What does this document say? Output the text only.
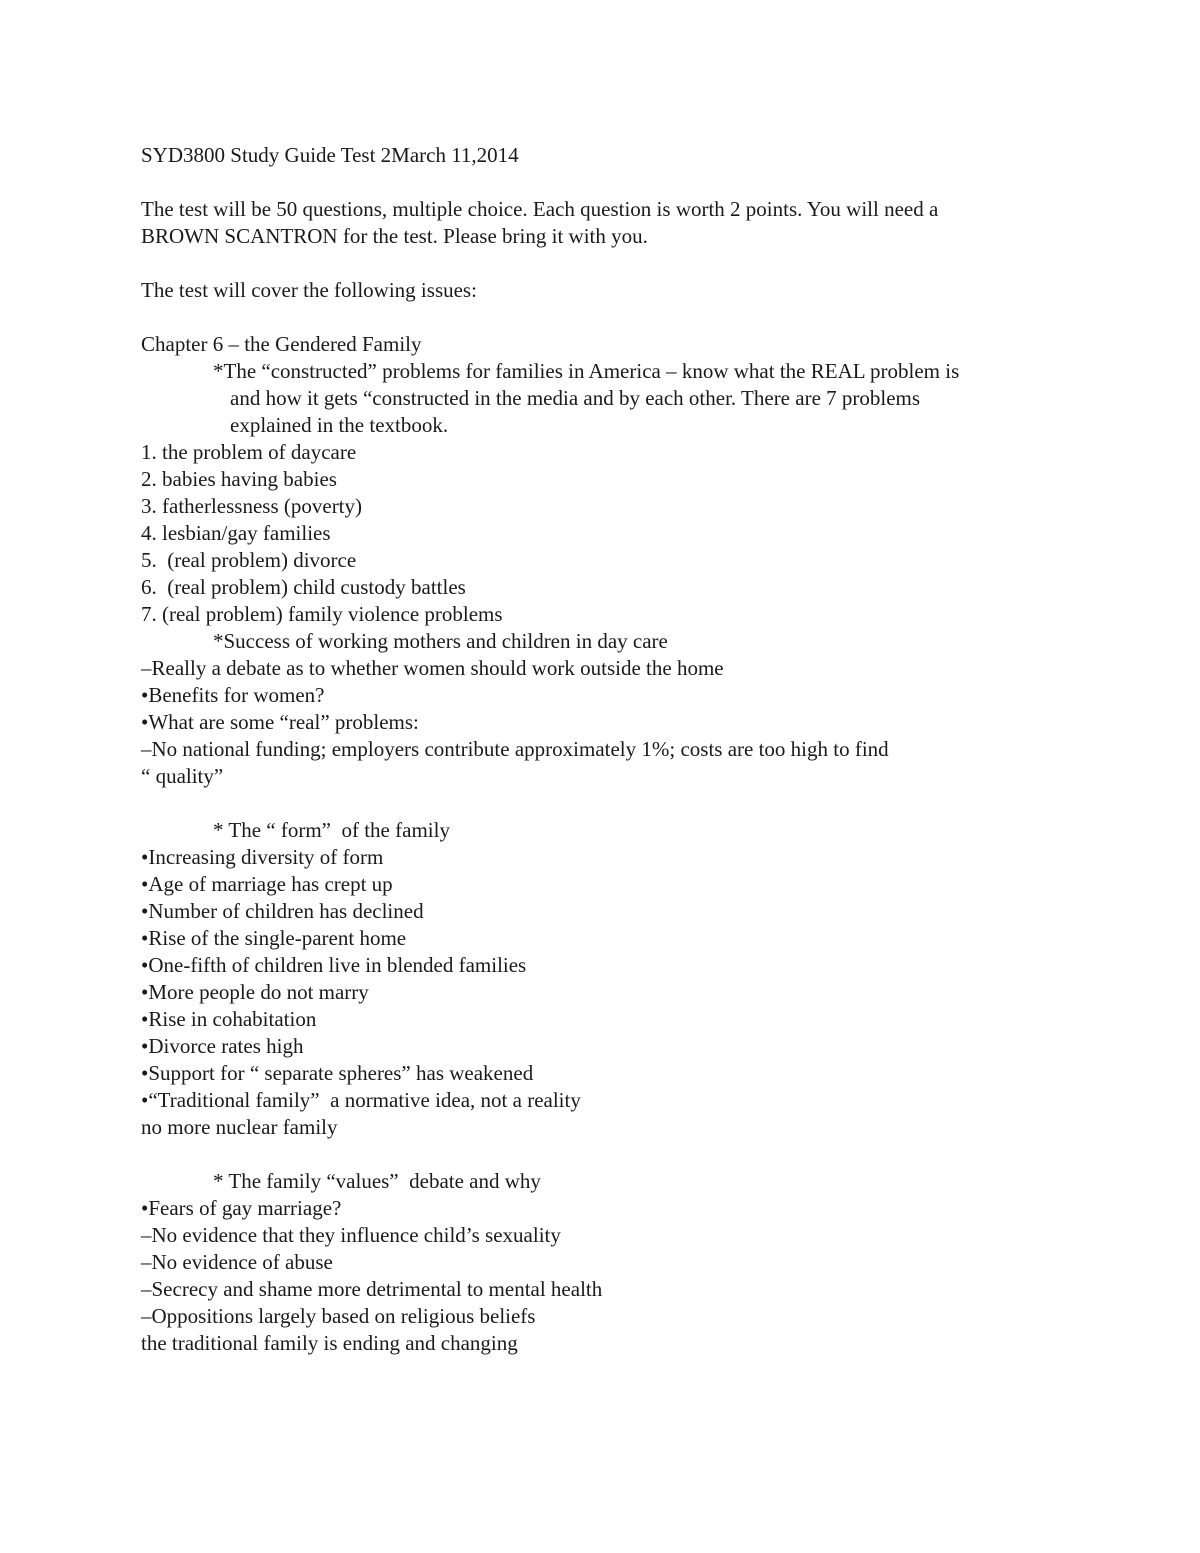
SYD3800 Study Guide Test 2March 11,2014
The test will be 50 questions, multiple choice. Each question is worth 2 points. You will need a
BROWN SCANTRON for the test. Please bring it with you.
The test will cover the following issues:
Chapter 6 – the Gendered Family
*The “constructed” problems for families in America – know what the REAL problem is
and how it gets “constructed in the media and by each other. There are 7 problems
explained in the textbook.
1. the problem of daycare
2. babies having babies
3. fatherlessness (poverty)
4. lesbian/gay families
5.  (real problem) divorce
6.  (real problem) child custody battles
7. (real problem) family violence problems
*Success of working mothers and children in day care
–Really a debate as to whether women should work outside the home
•Benefits for women?
•What are some “real” problems:
–No national funding; employers contribute approximately 1%; costs are too high to find
“ quality”
* The “ form”  of the family
•Increasing diversity of form
•Age of marriage has crept up
•Number of children has declined
•Rise of the single-parent home
•One-fifth of children live in blended families
•More people do not marry
•Rise in cohabitation
•Divorce rates high
•Support for “ separate spheres” has weakened
•“Traditional family”  a normative idea, not a reality
no more nuclear family
* The family “values”  debate and why
•Fears of gay marriage?
–No evidence that they influence child’s sexuality
–No evidence of abuse
–Secrecy and shame more detrimental to mental health
–Oppositions largely based on religious beliefs
the traditional family is ending and changing
